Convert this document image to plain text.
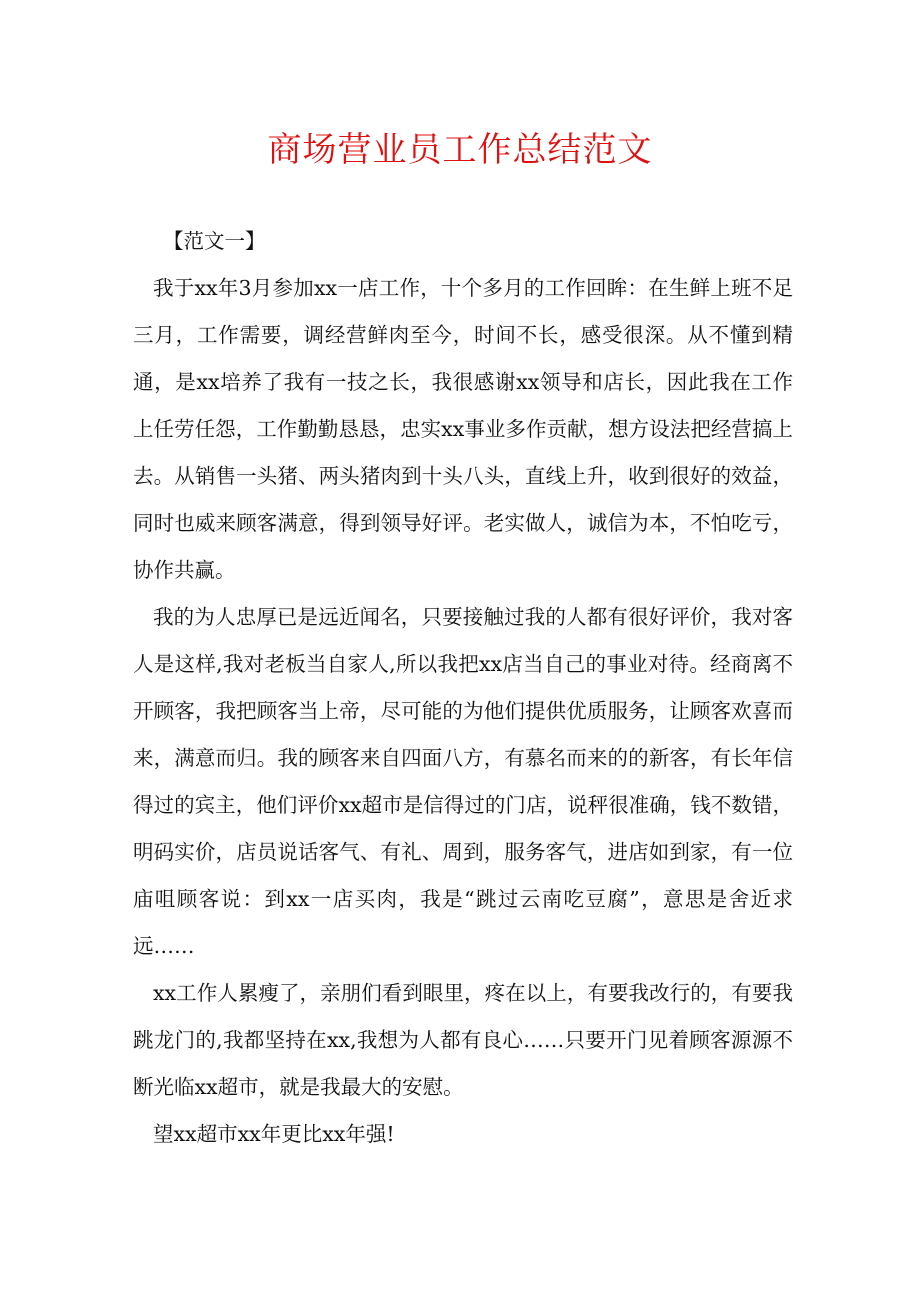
商场营业员工作总结范文

【范文一】

我于xx年3月参加xx一店工作，十个多月的工作回眸：在生鲜上班不足三月，工作需要，调经营鲜肉至今，时间不长，感受很深。从不懂到精通，是xx培养了我有一技之长，我很感谢xx领导和店长，因此我在工作上任劳任怨，工作勤勤恳恳，忠实xx事业多作贡献，想方设法把经营搞上去。从销售一头猪、两头猪肉到十头八头，直线上升，收到很好的效益，同时也威来顾客满意，得到领导好评。老实做人，诚信为本，不怕吃亏，协作共赢。

我的为人忠厚已是远近闻名，只要接触过我的人都有很好评价，我对客人是这样,我对老板当自家人,所以我把xx店当自己的事业对待。经商离不开顾客，我把顾客当上帝，尽可能的为他们提供优质服务，让顾客欢喜而来，满意而归。我的顾客来自四面八方，有慕名而来的的新客，有长年信得过的宾主，他们评价xx超市是信得过的门店，说秤很准确，钱不数错，明码实价，店员说话客气、有礼、周到，服务客气，进店如到家，有一位庙咀顾客说：到xx一店买肉，我是“跳过云南吃豆腐”，意思是舍近求远……

xx工作人累瘦了，亲朋们看到眼里，疼在以上，有要我改行的，有要我跳龙门的,我都坚持在xx,我想为人都有良心……只要开门见着顾客源源不断光临xx超市，就是我最大的安慰。

望xx超市xx年更比xx年强!
